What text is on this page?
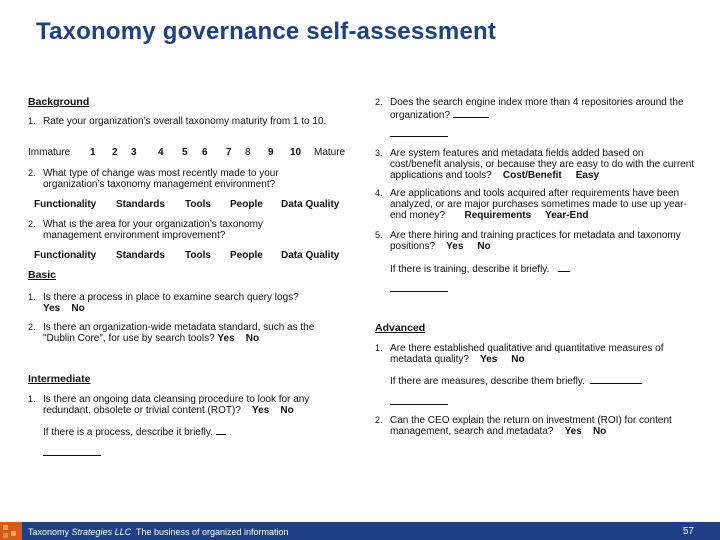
Taxonomy governance self-assessment
Background
1. Rate your organization’s overall taxonomy maturity from 1 to 10.
Immature 1 2 3 4 5 6 7 8 9 10 Mature
2. What type of change was most recently made to your organization’s taxonomy management environment?
Functionality Standards Tools People Data Quality
2. What is the area for your organization’s taxonomy management environment improvement?
Functionality Standards Tools People Data Quality
Basic
1. Is there a process in place to examine search query logs?
Yes No
2. Is there an organization-wide metadata standard, such as the "Dublin Core", for use by search tools? Yes No
Intermediate
1. Is there an ongoing data cleansing procedure to look for any redundant, obsolete or trivial content (ROT)? Yes No
If there is a process, describe it briefly.
2. Does the search engine index more than 4 repositories around the organization?
3. Are system features and metadata fields added based on cost/benefit analysis, or because they are easy to do with the current applications and tools? Cost/Benefit Easy
4. Are applications and tools acquired after requirements have been analyzed, or are major purchases sometimes made to use up year-end money? Requirements Year-End
5. Are there hiring and training practices for metadata and taxonomy positions? Yes No
If there is training, describe it briefly.
Advanced
1. Are there established qualitative and quantitative measures of metadata quality? Yes No
If there are measures, describe them briefly.
2. Can the CEO explain the return on investment (ROI) for content management, search and metadata? Yes No
Taxonomy Strategies LLC The business of organized information	57
